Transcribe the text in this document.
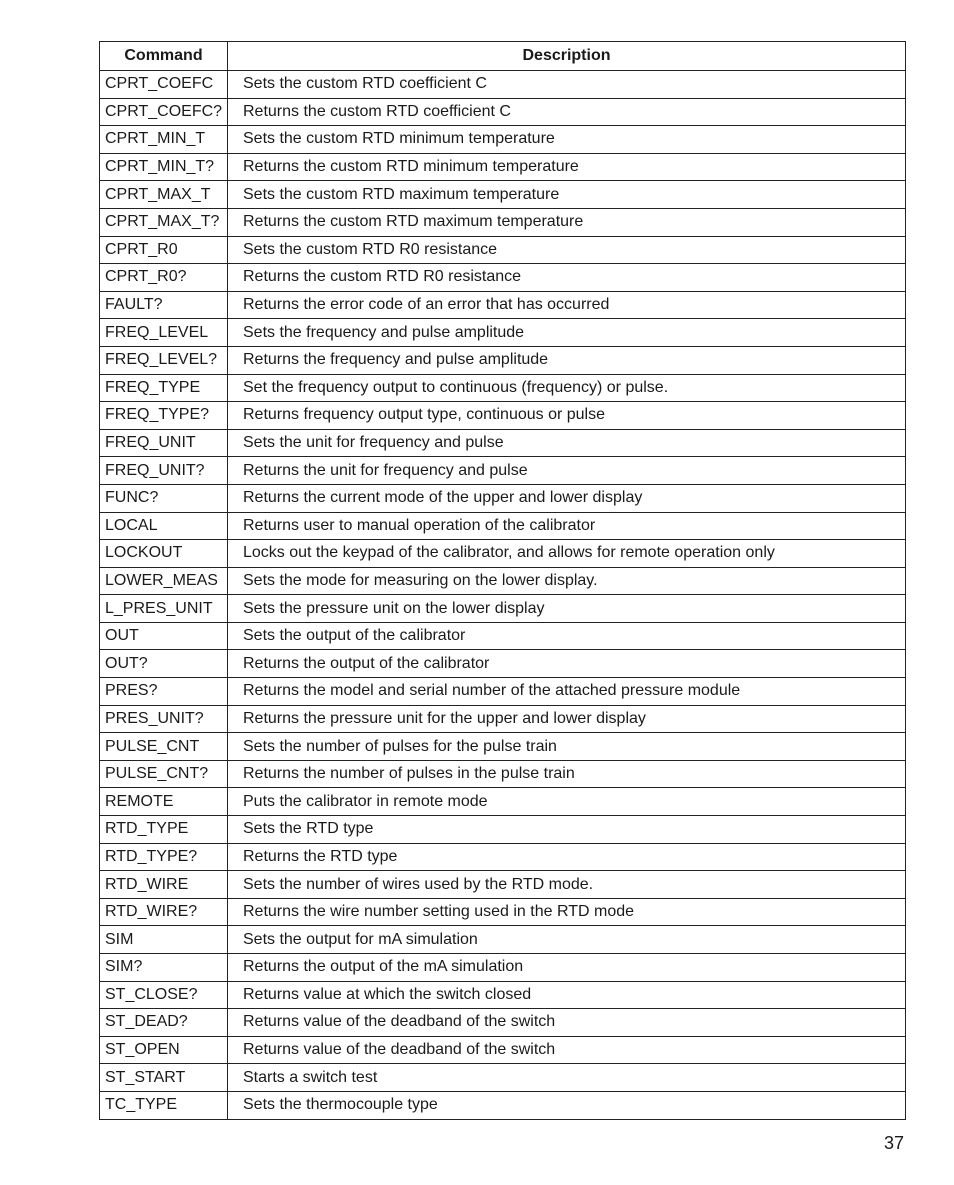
Command	Description
CPRT_COEFC	Sets the custom RTD coefficient C
CPRT_COEFC?	Returns the custom RTD coefficient C
CPRT_MIN_T	Sets the custom RTD minimum temperature
CPRT_MIN_T?	Returns the custom RTD minimum temperature
CPRT_MAX_T	Sets the custom RTD maximum temperature
CPRT_MAX_T?	Returns the custom RTD maximum temperature
CPRT_R0	Sets the custom RTD R0 resistance
CPRT_R0?	Returns the custom RTD R0 resistance
FAULT?	Returns the error code of an error that has occurred
FREQ_LEVEL	Sets the frequency and pulse amplitude
FREQ_LEVEL?	Returns the frequency and pulse amplitude
FREQ_TYPE	Set the frequency output to continuous (frequency) or pulse.
FREQ_TYPE?	Returns frequency output type, continuous or pulse
FREQ_UNIT	Sets the unit for frequency and pulse
FREQ_UNIT?	Returns the unit for frequency and pulse
FUNC?	Returns the current mode of the upper and lower display
LOCAL	Returns user to manual operation of the calibrator
LOCKOUT	Locks out the keypad of the calibrator, and allows for remote operation only
LOWER_MEAS	Sets the mode for measuring on the lower display.
L_PRES_UNIT	Sets the pressure unit on the lower display
OUT	Sets the output of the calibrator
OUT?	Returns the output of the calibrator
PRES?	Returns the model and serial number of the attached pressure module
PRES_UNIT?	Returns the pressure unit for the upper and lower display
PULSE_CNT	Sets the number of pulses for the pulse train
PULSE_CNT?	Returns the number of pulses in the pulse train
REMOTE	Puts the calibrator in remote mode
RTD_TYPE	Sets the RTD type
RTD_TYPE?	Returns the RTD type
RTD_WIRE	Sets the number of wires used by the RTD mode.
RTD_WIRE?	Returns the wire number setting used in the RTD mode
SIM	Sets the output for mA simulation
SIM?	Returns the output of the mA simulation
ST_CLOSE?	Returns value at which the switch closed
ST_DEAD?	Returns value of the deadband of the switch
ST_OPEN	Returns value of the deadband of the switch
ST_START	Starts a switch test
TC_TYPE	Sets the thermocouple type
37
